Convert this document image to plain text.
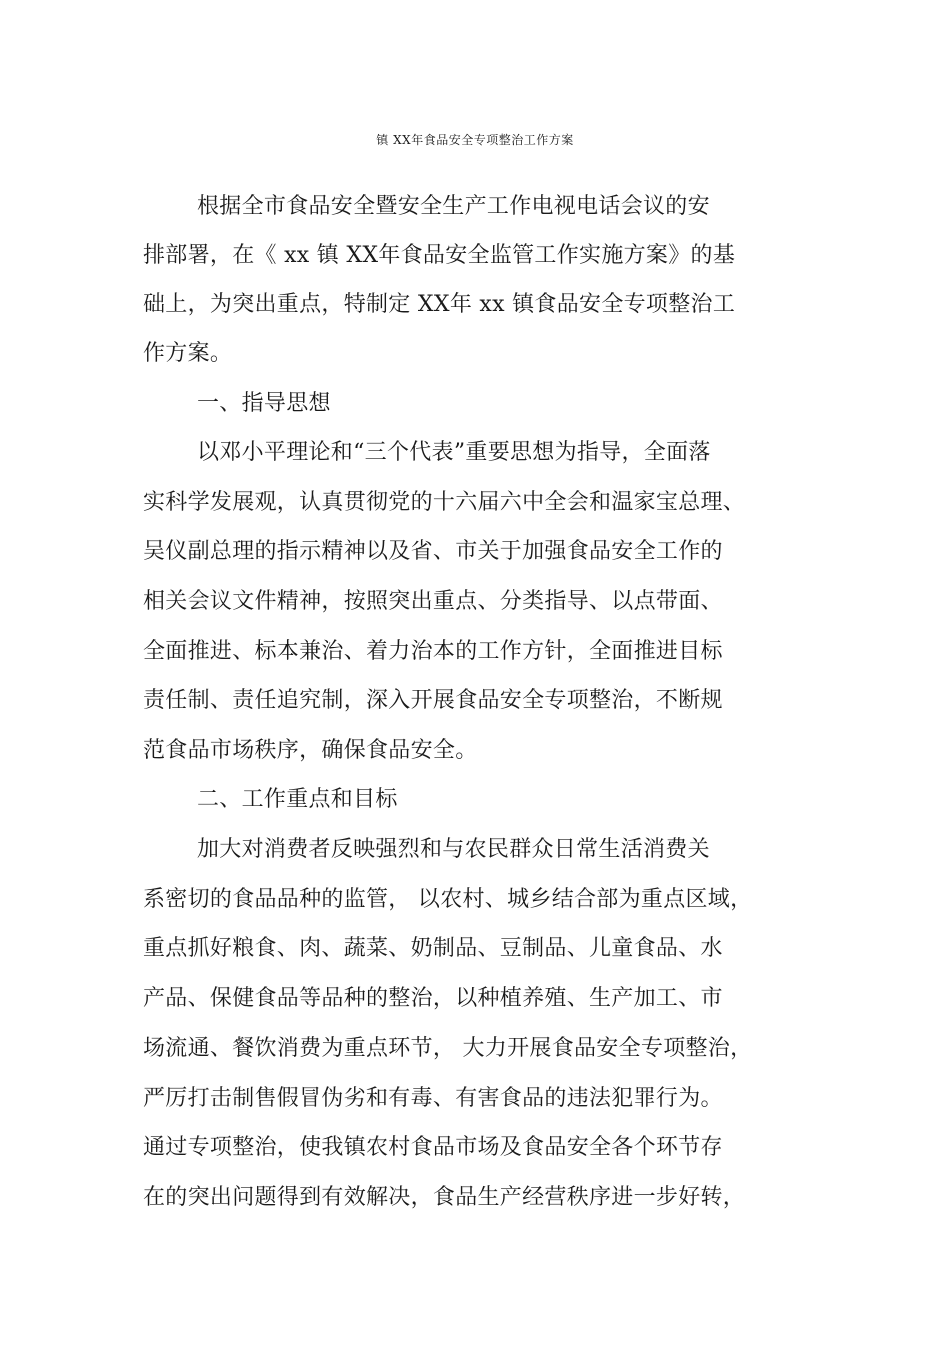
镇 XX年食品安全专项整治工作方案
根据全市食品安全暨安全生产工作电视电话会议的安
排部署，在《 xx 镇 XX年食品安全监管工作实施方案》的基
础上，为突出重点，特制定 XX年 xx 镇食品安全专项整治工
作方案。
一、指导思想
以邓小平理论和“三个代表”重要思想为指导，全面落
实科学发展观，认真贯彻党的十六届六中全会和温家宝总理、
吴仪副总理的指示精神以及省、市关于加强食品安全工作的
相关会议文件精神，按照突出重点、分类指导、以点带面、
全面推进、标本兼治、着力治本的工作方针，全面推进目标
责任制、责任追究制，深入开展食品安全专项整治，不断规
范食品市场秩序，确保食品安全。
二、工作重点和目标
加大对消费者反映强烈和与农民群众日常生活消费关
系密切的食品品种的监管， 以农村、城乡结合部为重点区域，
重点抓好粮食、肉、蔬菜、奶制品、豆制品、儿童食品、水
产品、保健食品等品种的整治，以种植养殖、生产加工、市
场流通、餐饮消费为重点环节， 大力开展食品安全专项整治，
严厉打击制售假冒伪劣和有毒、有害食品的违法犯罪行为。
通过专项整治，使我镇农村食品市场及食品安全各个环节存
在的突出问题得到有效解决，食品生产经营秩序进一步好转，
